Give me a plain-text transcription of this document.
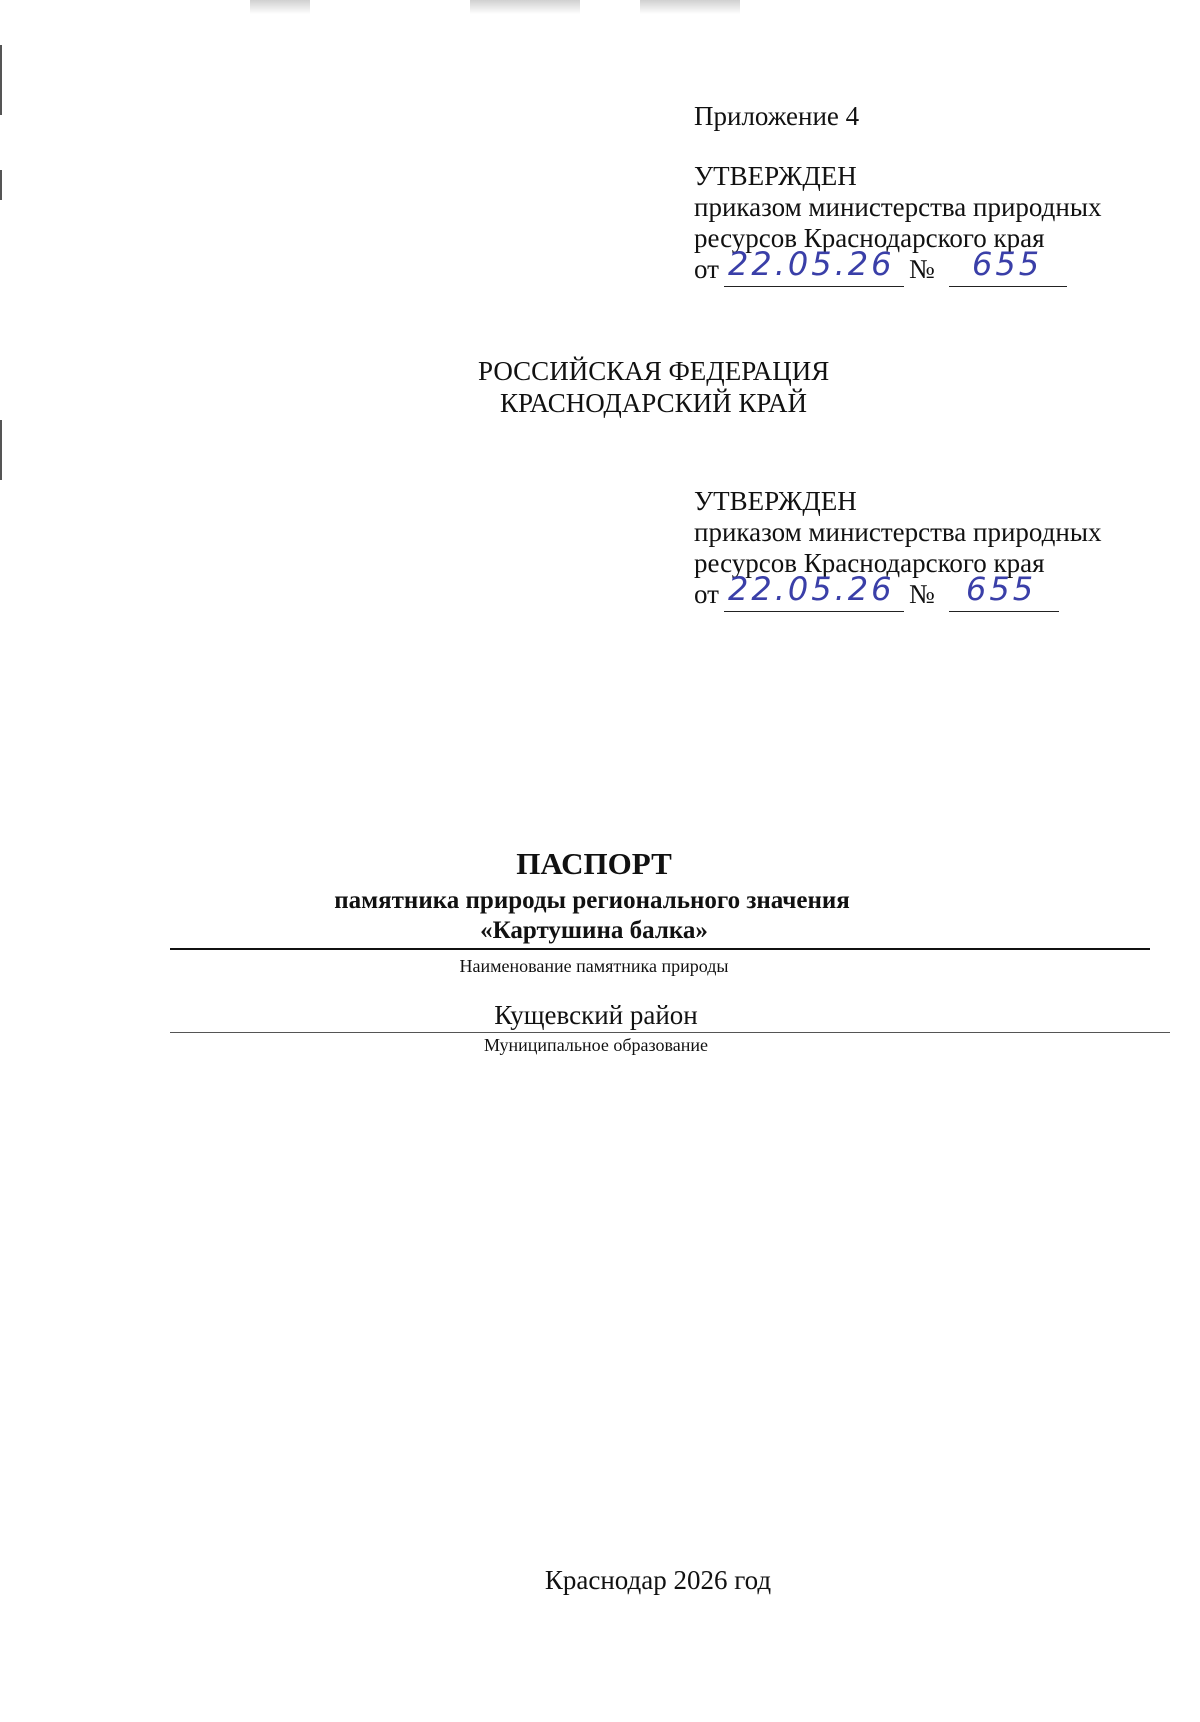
Приложение 4
УТВЕРЖДЕН
приказом министерства природных
ресурсов Краснодарского края
от 22.05.26 № 655
РОССИЙСКАЯ ФЕДЕРАЦИЯ
КРАСНОДАРСКИЙ КРАЙ
УТВЕРЖДЕН
приказом министерства природных
ресурсов Краснодарского края
от 22.05.26 № 655
ПАСПОРТ
памятника природы регионального значения
«Картушина балка»
Наименование памятника природы
Кущевский район
Муниципальное образование
Краснодар 2026 год
